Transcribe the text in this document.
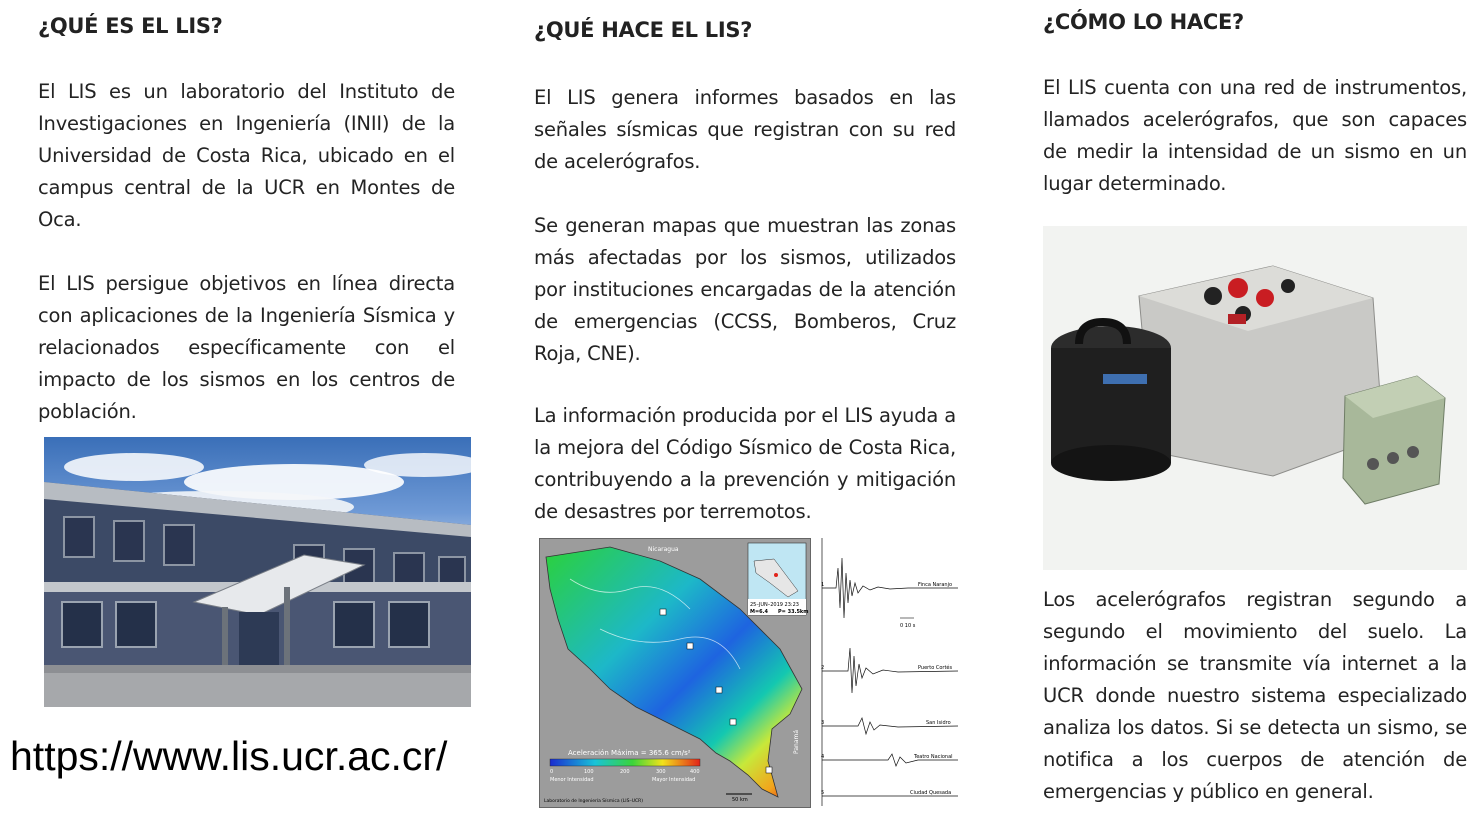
¿QUÉ ES EL LIS?

El LIS es un laboratorio del Instituto de Investigaciones en Ingeniería (INII) de la Universidad de Costa Rica, ubicado en el campus central de la UCR en Montes de Oca.

El LIS persigue objetivos en línea directa con aplicaciones de la Ingeniería Sísmica y relacionados específicamente con el impacto de los sismos en los centros de población.

https://www.lis.ucr.ac.cr/
¿QUÉ HACE EL LIS?

El LIS genera informes basados en las señales sísmicas que registran con su red de acelerógrafos.

Se generan mapas que muestran las zonas más afectadas por los sismos, utilizados por instituciones encargadas de la atención de emergencias (CCSS, Bomberos, Cruz Roja, CNE).

La información producida por el LIS ayuda a la mejora del Código Sísmico de Costa Rica, contribuyendo a la prevención y mitigación de desastres por terremotos.

25–JUN–2019 23:23
M=6.4 P= 33.5km
Nicaragua
Panamá
Aceleración Máxima = 365.6 cm/s²
0	100	200	300	400
Menor Intensidad	Mayor Intensidad
50 km
Laboratorio de Ingeniería Sísmica (LIS–UCR)
0 10 s
1	Finca Naranjo
2	Puerto Cortés
3	San Isidro
4	Teatro Nacional
5	Ciudad Quesada
¿CÓMO LO HACE?

El LIS cuenta con una red de instrumentos, llamados acelerógrafos, que son capaces de medir la intensidad de un sismo en un lugar determinado.

Los acelerógrafos registran segundo a segundo el movimiento del suelo. La información se transmite vía internet a la UCR donde nuestro sistema especializado analiza los datos. Si se detecta un sismo, se notifica a los cuerpos de atención de emergencias y público en general.
